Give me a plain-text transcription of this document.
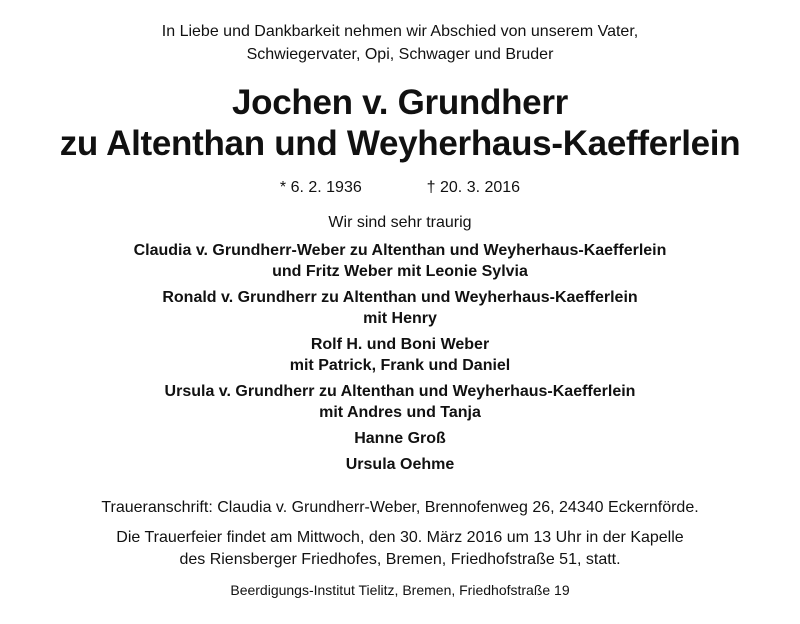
In Liebe und Dankbarkeit nehmen wir Abschied von unserem Vater,
Schwiegervater, Opi, Schwager und Bruder
Jochen v. Grundherr
zu Altenthan und Weyherhaus-Kaefferlein
* 6. 2. 1936	† 20. 3. 2016
Wir sind sehr traurig
Claudia v. Grundherr-Weber zu Altenthan und Weyherhaus-Kaefferlein
und Fritz Weber mit Leonie Sylvia
Ronald v. Grundherr zu Altenthan und Weyherhaus-Kaefferlein
mit Henry
Rolf H. und Boni Weber
mit Patrick, Frank und Daniel
Ursula v. Grundherr zu Altenthan und Weyherhaus-Kaefferlein
mit Andres und Tanja
Hanne Groß
Ursula Oehme
Traueranschrift: Claudia v. Grundherr-Weber, Brennofenweg 26, 24340 Eckernförde.
Die Trauerfeier findet am Mittwoch, den 30. März 2016 um 13 Uhr in der Kapelle
des Riensberger Friedhofes, Bremen, Friedhofstraße 51, statt.
Beerdigungs-Institut Tielitz, Bremen, Friedhofstraße 19
